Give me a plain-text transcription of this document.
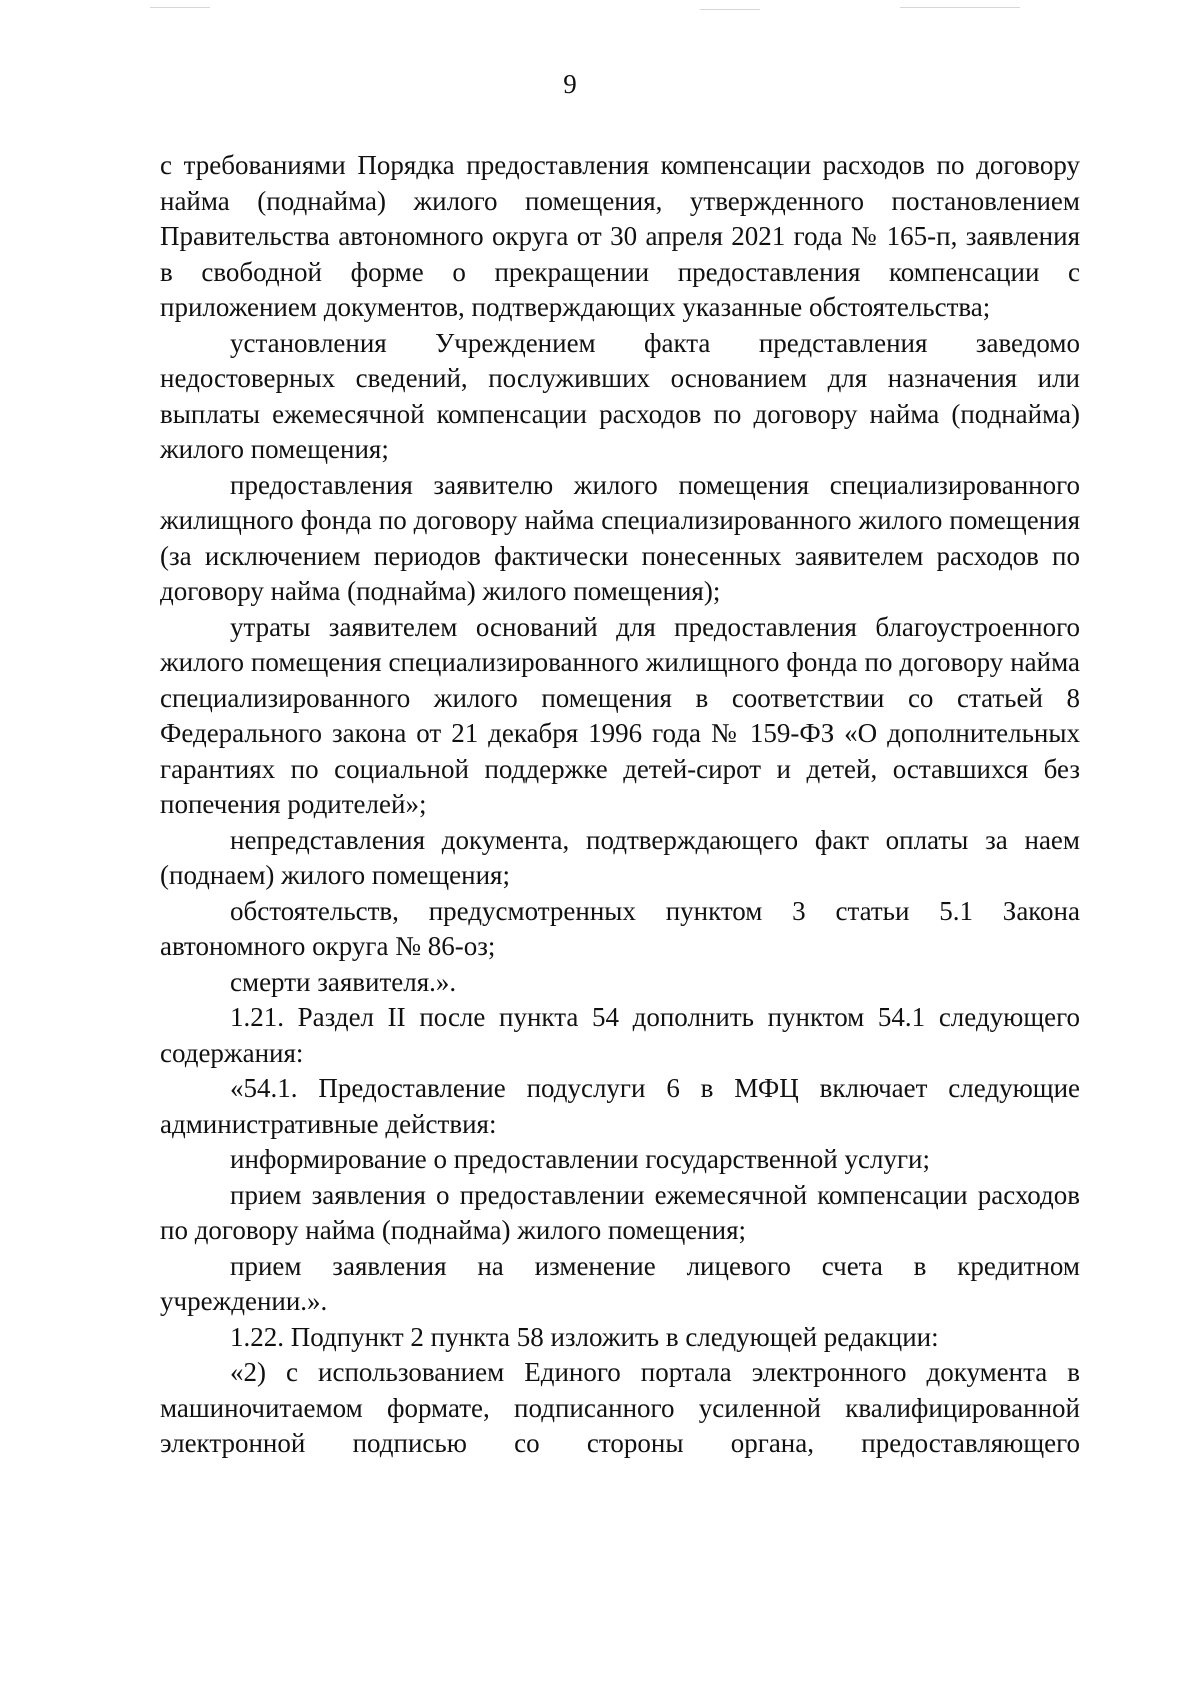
9

с требованиями Порядка предоставления компенсации расходов по договору найма (поднайма) жилого помещения, утвержденного постановлением Правительства автономного округа от 30 апреля 2021 года № 165-п, заявления в свободной форме о прекращении предоставления компенсации с приложением документов, подтверждающих указанные обстоятельства;

установления Учреждением факта представления заведомо недостоверных сведений, послуживших основанием для назначения или выплаты ежемесячной компенсации расходов по договору найма (поднайма) жилого помещения;

предоставления заявителю жилого помещения специализированного жилищного фонда по договору найма специализированного жилого помещения (за исключением периодов фактически понесенных заявителем расходов по договору найма (поднайма) жилого помещения);

утраты заявителем оснований для предоставления благоустроенного жилого помещения специализированного жилищного фонда по договору найма специализированного жилого помещения в соответствии со статьей 8 Федерального закона от 21 декабря 1996 года № 159-ФЗ «О дополнительных гарантиях по социальной поддержке детей-сирот и детей, оставшихся без попечения родителей»;

непредставления документа, подтверждающего факт оплаты за наем (поднаем) жилого помещения;

обстоятельств, предусмотренных пунктом 3 статьи 5.1 Закона автономного округа № 86-оз;

смерти заявителя.».

1.21. Раздел II после пункта 54 дополнить пунктом 54.1 следующего содержания:

«54.1. Предоставление подуслуги 6 в МФЦ включает следующие административные действия:

информирование о предоставлении государственной услуги;

прием заявления о предоставлении ежемесячной компенсации расходов по договору найма (поднайма) жилого помещения;

прием заявления на изменение лицевого счета в кредитном учреждении.».

1.22. Подпункт 2 пункта 58 изложить в следующей редакции:

«2) с использованием Единого портала электронного документа в машиночитаемом формате, подписанного усиленной квалифицированной электронной подписью со стороны органа, предоставляющего
